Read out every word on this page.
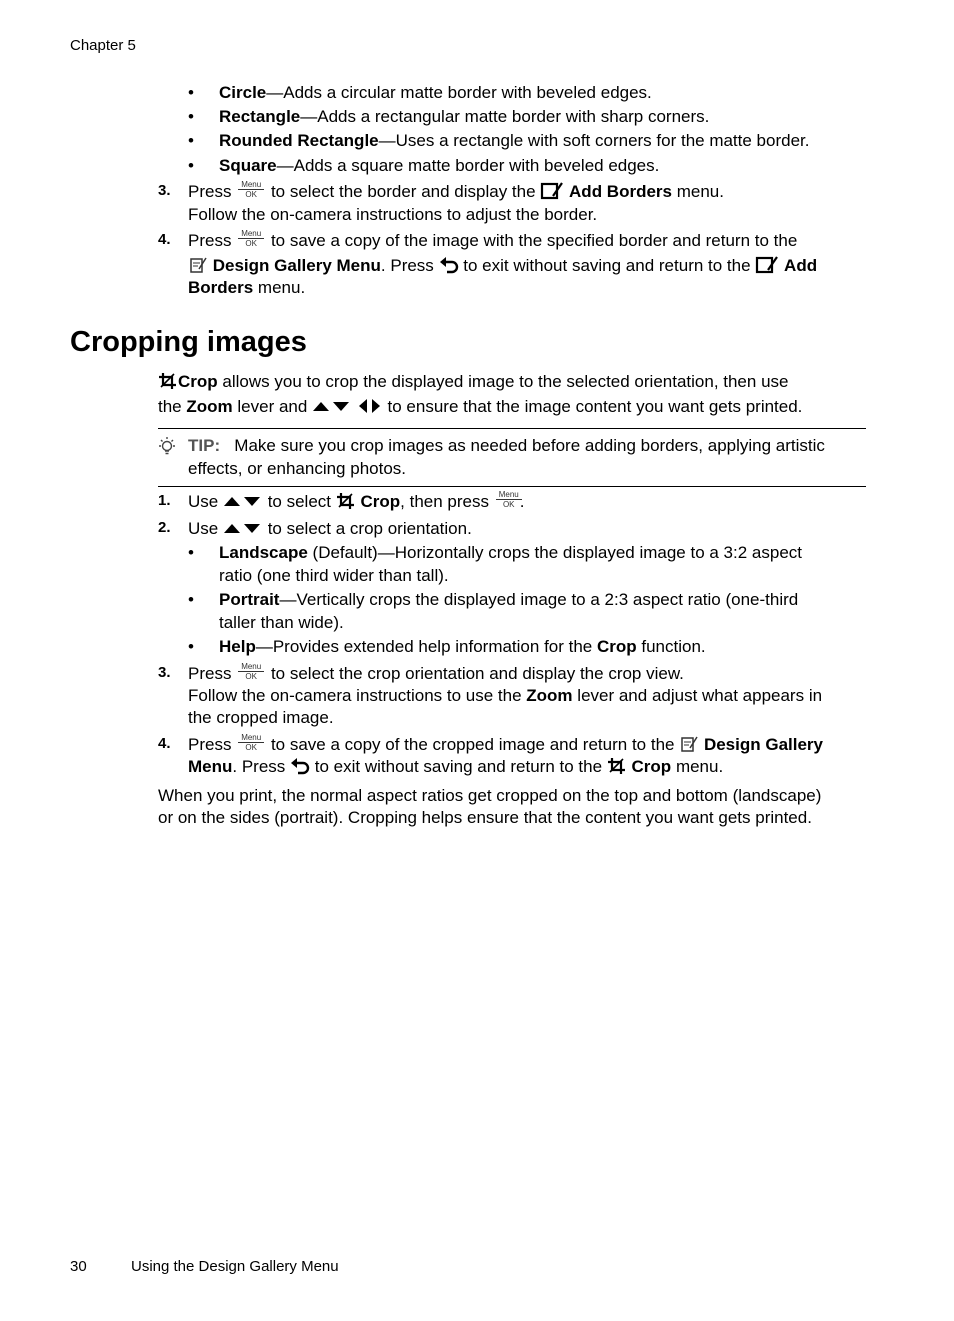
Chapter 5
• Circle—Adds a circular matte border with beveled edges.
• Rectangle—Adds a rectangular matte border with sharp corners.
• Rounded Rectangle—Uses a rectangle with soft corners for the matte border.
• Square—Adds a square matte border with beveled edges.
3. Press	Menu
OK to select the border and display the Add Borders menu.
Follow the on-camera instructions to adjust the border.
4. Press	Menu
OK to save a copy of the image with the specified border and return to the
Design Gallery Menu. Press to exit without saving and return to the Add
Borders menu.
Cropping images
Crop allows you to crop the displayed image to the selected orientation, then use
the Zoom lever and	to ensure that the image content you want gets printed.
TIP: Make sure you crop images as needed before adding borders, applying artistic
effects, or enhancing photos.
1. Use	to select Crop, then press	Menu
OK .
2. Use	to select a crop orientation.
• Landscape (Default)—Horizontally crops the displayed image to a 3:2 aspect
ratio (one third wider than tall).
• Portrait—Vertically crops the displayed image to a 2:3 aspect ratio (one-third
taller than wide).
• Help—Provides extended help information for the Crop function.
3. Press	Menu
OK to select the crop orientation and display the crop view.
Follow the on-camera instructions to use the Zoom lever and adjust what appears in
the cropped image.
4. Press	Menu
OK to save a copy of the cropped image and return to the Design Gallery
Menu. Press to exit without saving and return to the Crop menu.
When you print, the normal aspect ratios get cropped on the top and bottom (landscape)
or on the sides (portrait). Cropping helps ensure that the content you want gets printed.
30	Using the Design Gallery Menu
